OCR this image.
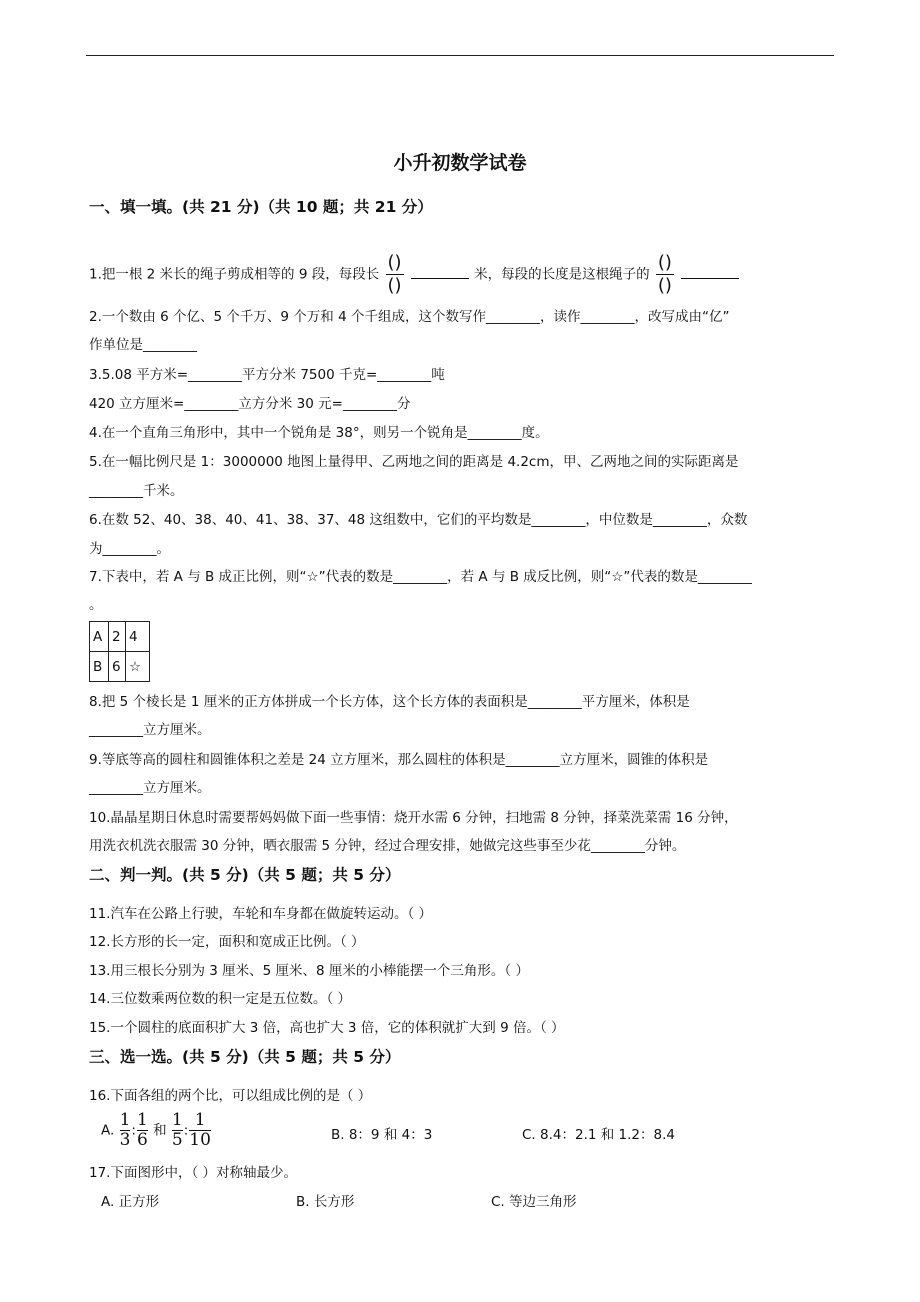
小升初数学试卷
一、填一填。(共 21 分)（共 10 题；共 21 分）
1.把一根 2 米长的绳子剪成相等的 9 段，每段长 ()
()  米，每段的长度是这根绳子的 ()
()
2.一个数由 6 个亿、5 个千万、9 个万和 4 个千组成，这个数写作________，读作________，改写成由“亿”
作单位是________
3.5.08 平方米=________平方分米 7500 千克=________吨
420 立方厘米=________立方分米 30 元=________分
4.在一个直角三角形中，其中一个锐角是 38°，则另一个锐角是________度。
5.在一幅比例尺是 1：3000000 地图上量得甲、乙两地之间的距离是 4.2cm，甲、乙两地之间的实际距离是
________千米。
6.在数 52、40、38、40、41、38、37、48 这组数中，它们的平均数是________，中位数是________，众数
为________。
7.下表中，若 A 与 B 成正比例，则“☆”代表的数是________，若 A 与 B 成反比例，则“☆”代表的数是________
。
A	2	4
B	6	☆
8.把 5 个棱长是 1 厘米的正方体拼成一个长方体，这个长方体的表面积是________平方厘米，体积是
________立方厘米。
9.等底等高的圆柱和圆锥体积之差是 24 立方厘米，那么圆柱的体积是________立方厘米，圆锥的体积是
________立方厘米。
10.晶晶星期日休息时需要帮妈妈做下面一些事情：烧开水需 6 分钟，扫地需 8 分钟，择菜洗菜需 16 分钟，
用洗衣机洗衣服需 30 分钟，晒衣服需 5 分钟，经过合理安排，她做完这些事至少花________分钟。
二、判一判。(共 5 分)（共 5 题；共 5 分）
11.汽车在公路上行驶，车轮和车身都在做旋转运动。（ ）
12.长方形的长一定，面积和宽成正比例。（ ）
13.用三根长分别为 3 厘米、5 厘米、8 厘米的小棒能摆一个三角形。（ ）
14.三位数乘两位数的积一定是五位数。（ ）
15.一个圆柱的底面积扩大 3 倍，高也扩大 3 倍，它的体积就扩大到 9 倍。（ ）
三、选一选。(共 5 分)（共 5 题；共 5 分）
16.下面各组的两个比，可以组成比例的是（ ）
A. $\frac{1}{3}:\frac{1}{6}$ 和 $\frac{1}{5}:\frac{1}{10}$	B. 8：9 和 4：3	C. 8.4：2.1 和 1.2：8.4
17.下面图形中，（ ）对称轴最少。
A. 正方形	B. 长方形	C. 等边三角形
